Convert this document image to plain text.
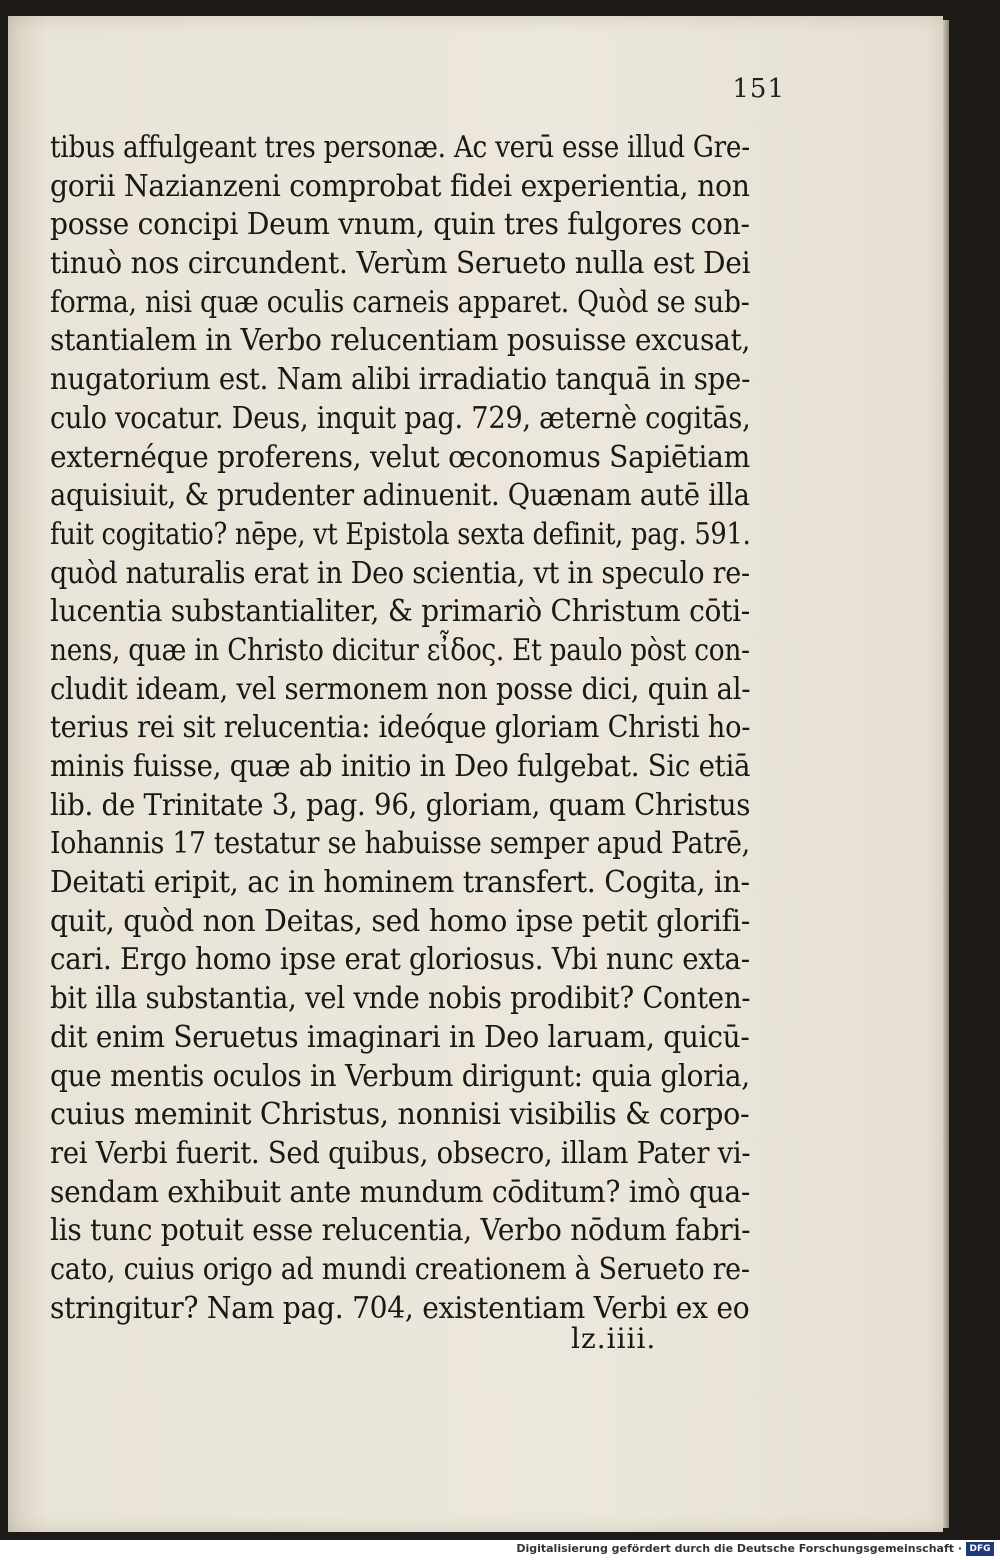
151
tibus affulgeant tres personæ. Ac verū esse illud Gre-
gorii Nazianzeni comprobat fidei experientia, non
posse concipi Deum vnum, quin tres fulgores con-
tinuò nos circundent. Verùm Serueto nulla est Dei
forma, nisi quæ oculis carneis apparet. Quòd se sub-
stantialem in Verbo relucentiam posuisse excusat,
nugatorium est. Nam alibi irradiatio tanquā in spe-
culo vocatur. Deus, inquit pag. 729, æternè cogitās,
externéque proferens, velut œconomus Sapiētiam
aquisiuit, & prudenter adinuenit. Quænam autē illa
fuit cogitatio? nēpe, vt Epistola sexta definit, pag. 591.
quòd naturalis erat in Deo scientia, vt in speculo re-
lucentia substantialiter, & primariò Christum cōti-
nens, quæ in Christo dicitur εἶδος. Et paulo pòst con-
cludit ideam, vel sermonem non posse dici, quin al-
terius rei sit relucentia: ideóque gloriam Christi ho-
minis fuisse, quæ ab initio in Deo fulgebat. Sic etiā
lib. de Trinitate 3, pag. 96, gloriam, quam Christus
Iohannis 17 testatur se habuisse semper apud Patrē,
Deitati eripit, ac in hominem transfert. Cogita, in-
quit, quòd non Deitas, sed homo ipse petit glorifi-
cari. Ergo homo ipse erat gloriosus. Vbi nunc exta-
bit illa substantia, vel vnde nobis prodibit? Conten-
dit enim Seruetus imaginari in Deo laruam, quicū-
que mentis oculos in Verbum dirigunt: quia gloria,
cuius meminit Christus, nonnisi visibilis & corpo-
rei Verbi fuerit. Sed quibus, obsecro, illam Pater vi-
sendam exhibuit ante mundum cōditum? imò qua-
lis tunc potuit esse relucentia, Verbo nōdum fabri-
cato, cuius origo ad mundi creationem à Serueto re-
stringitur? Nam pag. 704, existentiam Verbi ex eo
lz.iiii.
Digitalisierung gefördert durch die Deutsche Forschungsgemeinschaft · DFG
